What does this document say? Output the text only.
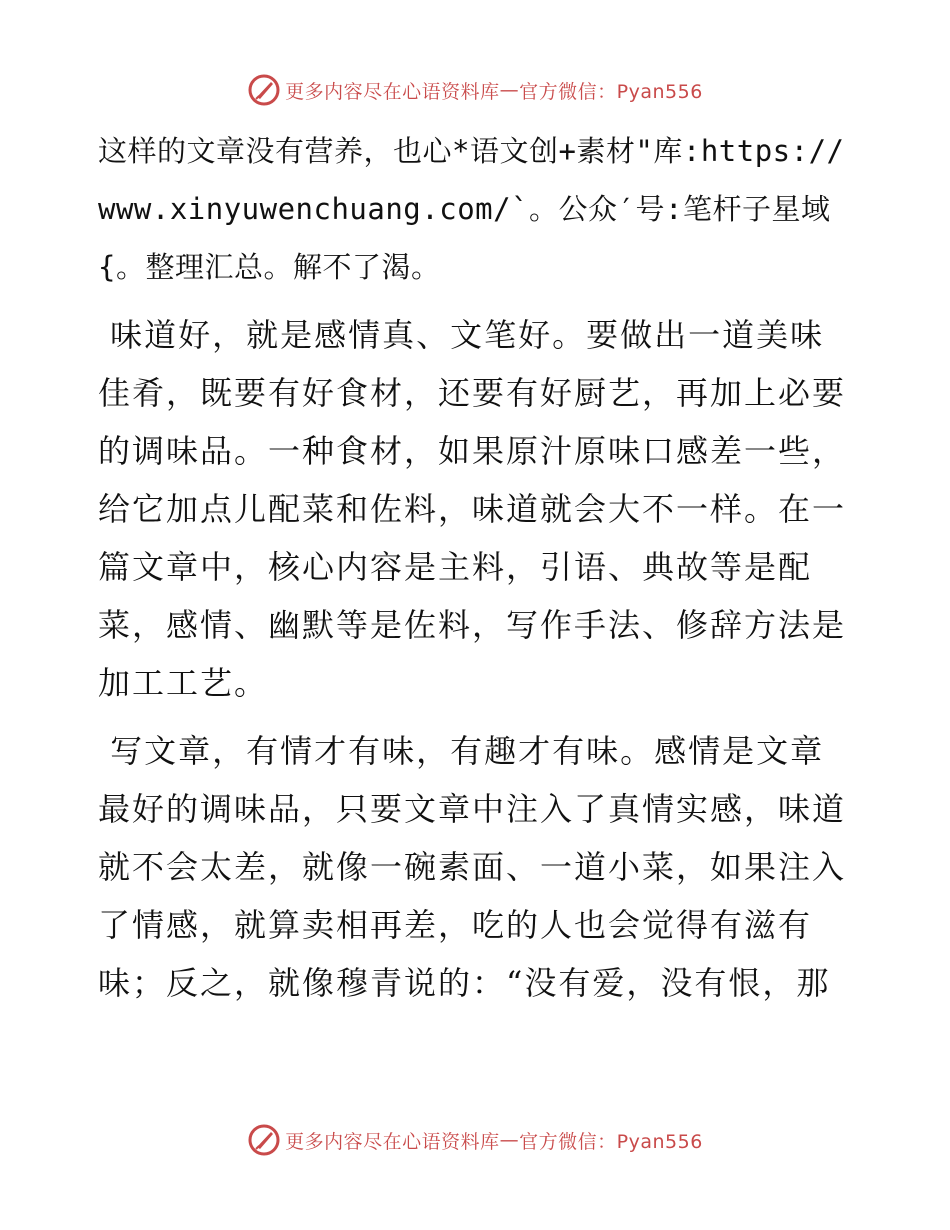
更多内容尽在心语资料库 — 官方微信：Pyan556

这样的文章没有营养，也心*语文创+素材"库:https://www.xinyuwenchuang.com/`。公众′号:笔杆子星域{。整理汇总。解不了渴。

味道好，就是感情真、文笔好。要做出一道美味佳肴，既要有好食材，还要有好厨艺，再加上必要的调味品。一种食材，如果原汁原味口感差一些，给它加点儿配菜和佐料，味道就会大不一样。在一篇文章中，核心内容是主料，引语、典故等是配菜，感情、幽默等是佐料，写作手法、修辞方法是加工工艺。

写文章，有情才有味，有趣才有味。感情是文章最好的调味品，只要文章中注入了真情实感，味道就不会太差，就像一碗素面、一道小菜，如果注入了情感，就算卖相再差，吃的人也会觉得有滋有味；反之，就像穆青说的：“没有爱，没有恨，那

更多内容尽在心语资料库 — 官方微信：Pyan556
